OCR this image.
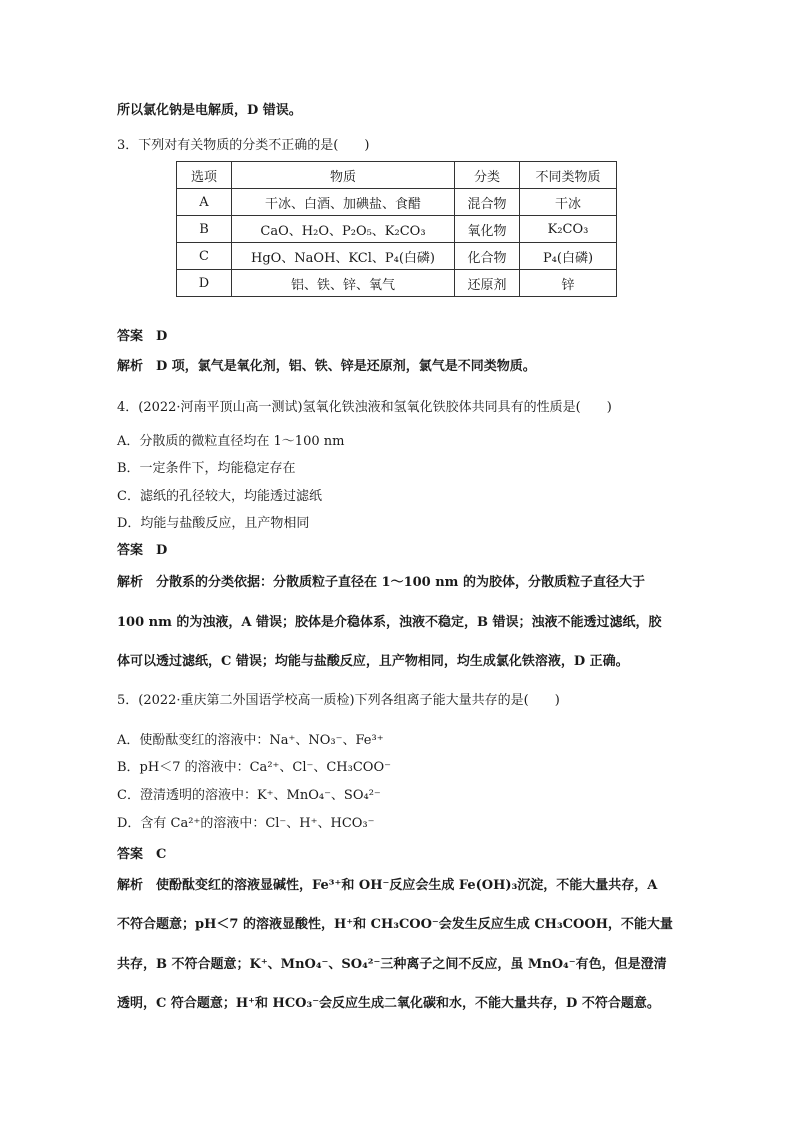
所以氯化钠是电解质，D 错误。
3．下列对有关物质的分类不正确的是(　　)
选项	物质	分类	不同类物质
A	干冰、白酒、加碘盐、食醋	混合物	干冰
B	CaO、H₂O、P₂O₅、K₂CO₃	氧化物	K₂CO₃
C	HgO、NaOH、KCl、P₄(白磷)	化合物	P₄(白磷)
D	铝、铁、锌、氧气	还原剂	锌
答案　D
解析　D 项，氯气是氧化剂，铝、铁、锌是还原剂，氯气是不同类物质。
4．(2022·河南平顶山高一测试)氢氧化铁浊液和氢氧化铁胶体共同具有的性质是(　　)
A．分散质的微粒直径均在 1～100 nm
B．一定条件下，均能稳定存在
C．滤纸的孔径较大，均能透过滤纸
D．均能与盐酸反应，且产物相同
答案　D
解析　分散系的分类依据：分散质粒子直径在 1～100 nm 的为胶体，分散质粒子直径大于
100 nm 的为浊液，A 错误；胶体是介稳体系，浊液不稳定，B 错误；浊液不能透过滤纸，胶
体可以透过滤纸，C 错误；均能与盐酸反应，且产物相同，均生成氯化铁溶液，D 正确。
5．(2022·重庆第二外国语学校高一质检)下列各组离子能大量共存的是(　　)
A．使酚酞变红的溶液中：Na⁺、NO₃⁻、Fe³⁺
B．pH＜7 的溶液中：Ca²⁺、Cl⁻、CH₃COO⁻
C．澄清透明的溶液中：K⁺、MnO₄⁻、SO₄²⁻
D．含有 Ca²⁺的溶液中：Cl⁻、H⁺、HCO₃⁻
答案　C
解析　使酚酞变红的溶液显碱性，Fe³⁺和 OH⁻反应会生成 Fe(OH)₃沉淀，不能大量共存，A
不符合题意；pH＜7 的溶液显酸性，H⁺和 CH₃COO⁻会发生反应生成 CH₃COOH，不能大量
共存，B 不符合题意；K⁺、MnO₄⁻、SO₄²⁻三种离子之间不反应，虽 MnO₄⁻有色，但是澄清
透明，C 符合题意；H⁺和 HCO₃⁻会反应生成二氧化碳和水，不能大量共存，D 不符合题意。
